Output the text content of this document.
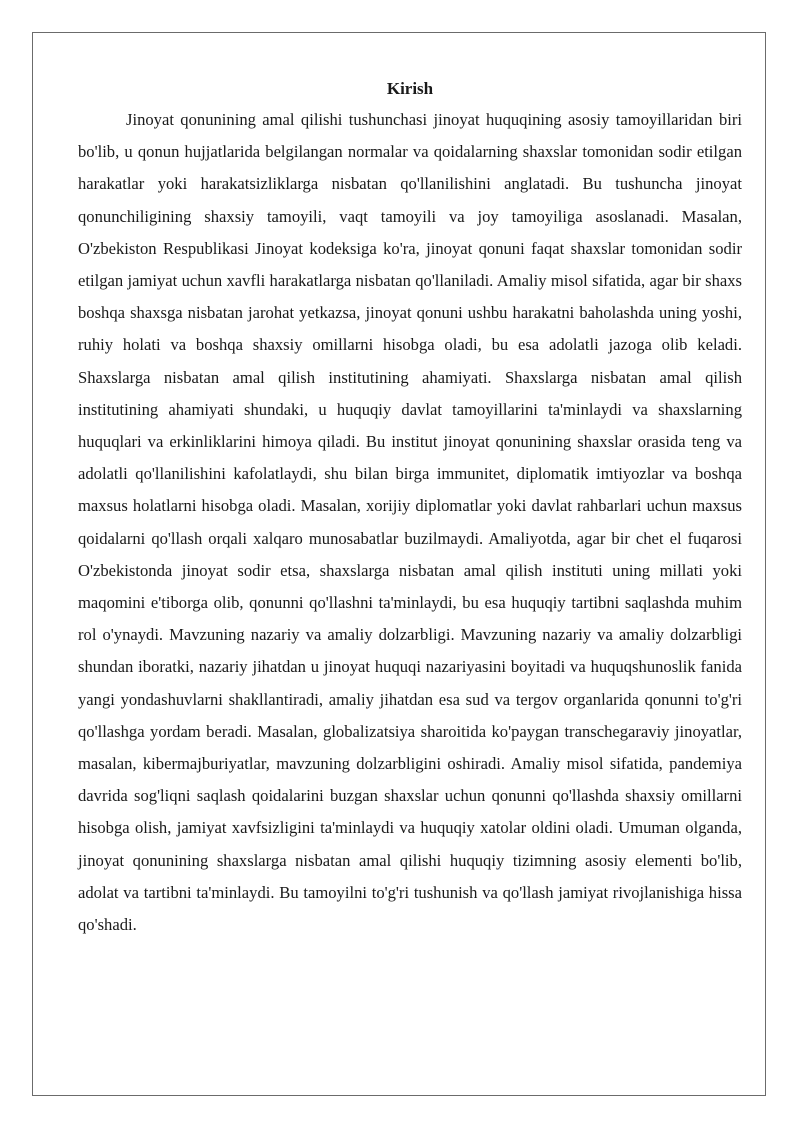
Kirish

Jinoyat qonunining amal qilishi tushunchasi jinoyat huquqining asosiy tamoyillaridan biri bo'lib, u qonun hujjatlarida belgilangan normalar va qoidalarning shaxslar tomonidan sodir etilgan harakatlar yoki harakatsizliklarga nisbatan qo'llanilishini anglatadi. Bu tushuncha jinoyat qonunchiligining shaxsiy tamoyili, vaqt tamoyili va joy tamoyiliga asoslanadi. Masalan, O'zbekiston Respublikasi Jinoyat kodeksiga ko'ra, jinoyat qonuni faqat shaxslar tomonidan sodir etilgan jamiyat uchun xavfli harakatlarga nisbatan qo'llaniladi. Amaliy misol sifatida, agar bir shaxs boshqa shaxsga nisbatan jarohat yetkazsa, jinoyat qonuni ushbu harakatni baholashda uning yoshi, ruhiy holati va boshqa shaxsiy omillarni hisobga oladi, bu esa adolatli jazoga olib keladi. Shaxslarga nisbatan amal qilish institutining ahamiyati. Shaxslarga nisbatan amal qilish institutining ahamiyati shundaki, u huquqiy davlat tamoyillarini ta'minlaydi va shaxslarning huquqlari va erkinliklarini himoya qiladi. Bu institut jinoyat qonunining shaxslar orasida teng va adolatli qo'llanilishini kafolatlaydi, shu bilan birga immunitet, diplomatik imtiyozlar va boshqa maxsus holatlarni hisobga oladi. Masalan, xorijiy diplomatlar yoki davlat rahbarlari uchun maxsus qoidalarni qo'llash orqali xalqaro munosabatlar buzilmaydi. Amaliyotda, agar bir chet el fuqarosi O'zbekistonda jinoyat sodir etsa, shaxslarga nisbatan amal qilish instituti uning millati yoki maqomini e'tiborga olib, qonunni qo'llashni ta'minlaydi, bu esa huquqiy tartibni saqlashda muhim rol o'ynaydi. Mavzuning nazariy va amaliy dolzarbligi. Mavzuning nazariy va amaliy dolzarbligi shundan iboratki, nazariy jihatdan u jinoyat huquqi nazariyasini boyitadi va huquqshunoslik fanida yangi yondashuvlarni shakllantiradi, amaliy jihatdan esa sud va tergov organlarida qonunni to'g'ri qo'llashga yordam beradi. Masalan, globalizatsiya sharoitida ko'paygan transchegaraviy jinoyatlar, masalan, kibermajburiyatlar, mavzuning dolzarbligini oshiradi. Amaliy misol sifatida, pandemiya davrida sog'liqni saqlash qoidalarini buzgan shaxslar uchun qonunni qo'llashda shaxsiy omillarni hisobga olish, jamiyat xavfsizligini ta'minlaydi va huquqiy xatolar oldini oladi. Umuman olganda, jinoyat qonunining shaxslarga nisbatan amal qilishi huquqiy tizimning asosiy elementi bo'lib, adolat va tartibni ta'minlaydi. Bu tamoyilni to'g'ri tushunish va qo'llash jamiyat rivojlanishiga hissa qo'shadi.
